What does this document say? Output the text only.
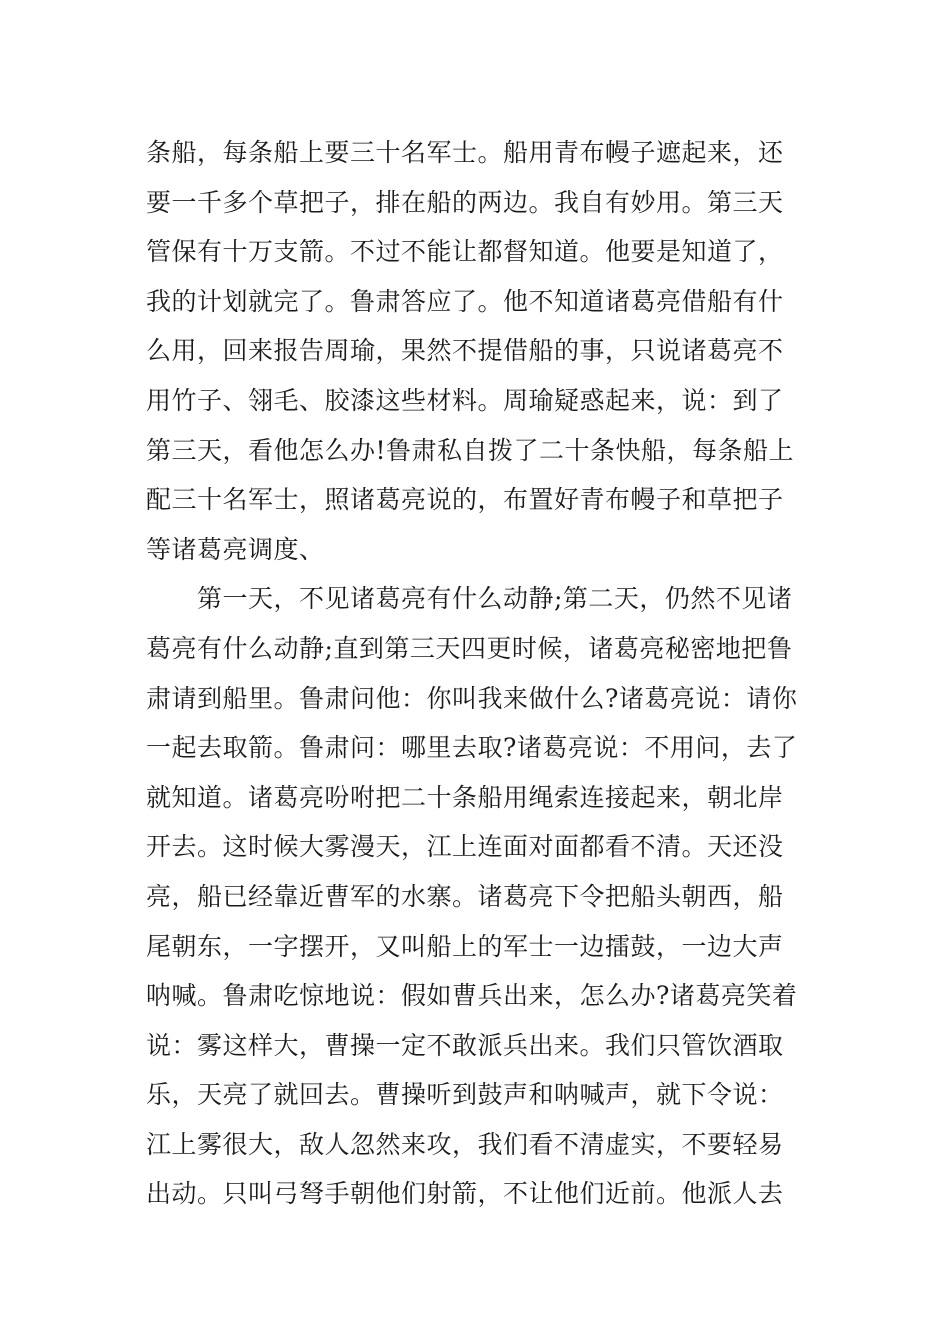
条船，每条船上要三十名军士。船用青布幔子遮起来，还
要一千多个草把子，排在船的两边。我自有妙用。第三天
管保有十万支箭。不过不能让都督知道。他要是知道了，
我的计划就完了。鲁肃答应了。他不知道诸葛亮借船有什
么用，回来报告周瑜，果然不提借船的事，只说诸葛亮不
用竹子、翎毛、胶漆这些材料。周瑜疑惑起来，说：到了
第三天，看他怎么办!鲁肃私自拨了二十条快船，每条船上
配三十名军士，照诸葛亮说的，布置好青布幔子和草把子
等诸葛亮调度、
　　第一天，不见诸葛亮有什么动静;第二天，仍然不见诸
葛亮有什么动静;直到第三天四更时候，诸葛亮秘密地把鲁
肃请到船里。鲁肃问他：你叫我来做什么?诸葛亮说：请你
一起去取箭。鲁肃问：哪里去取?诸葛亮说：不用问，去了
就知道。诸葛亮吩咐把二十条船用绳索连接起来，朝北岸
开去。这时候大雾漫天，江上连面对面都看不清。天还没
亮，船已经靠近曹军的水寨。诸葛亮下令把船头朝西，船
尾朝东，一字摆开，又叫船上的军士一边擂鼓，一边大声
呐喊。鲁肃吃惊地说：假如曹兵出来，怎么办?诸葛亮笑着
说：雾这样大，曹操一定不敢派兵出来。我们只管饮酒取
乐，天亮了就回去。曹操听到鼓声和呐喊声，就下令说：
江上雾很大，敌人忽然来攻，我们看不清虚实，不要轻易
出动。只叫弓弩手朝他们射箭，不让他们近前。他派人去
